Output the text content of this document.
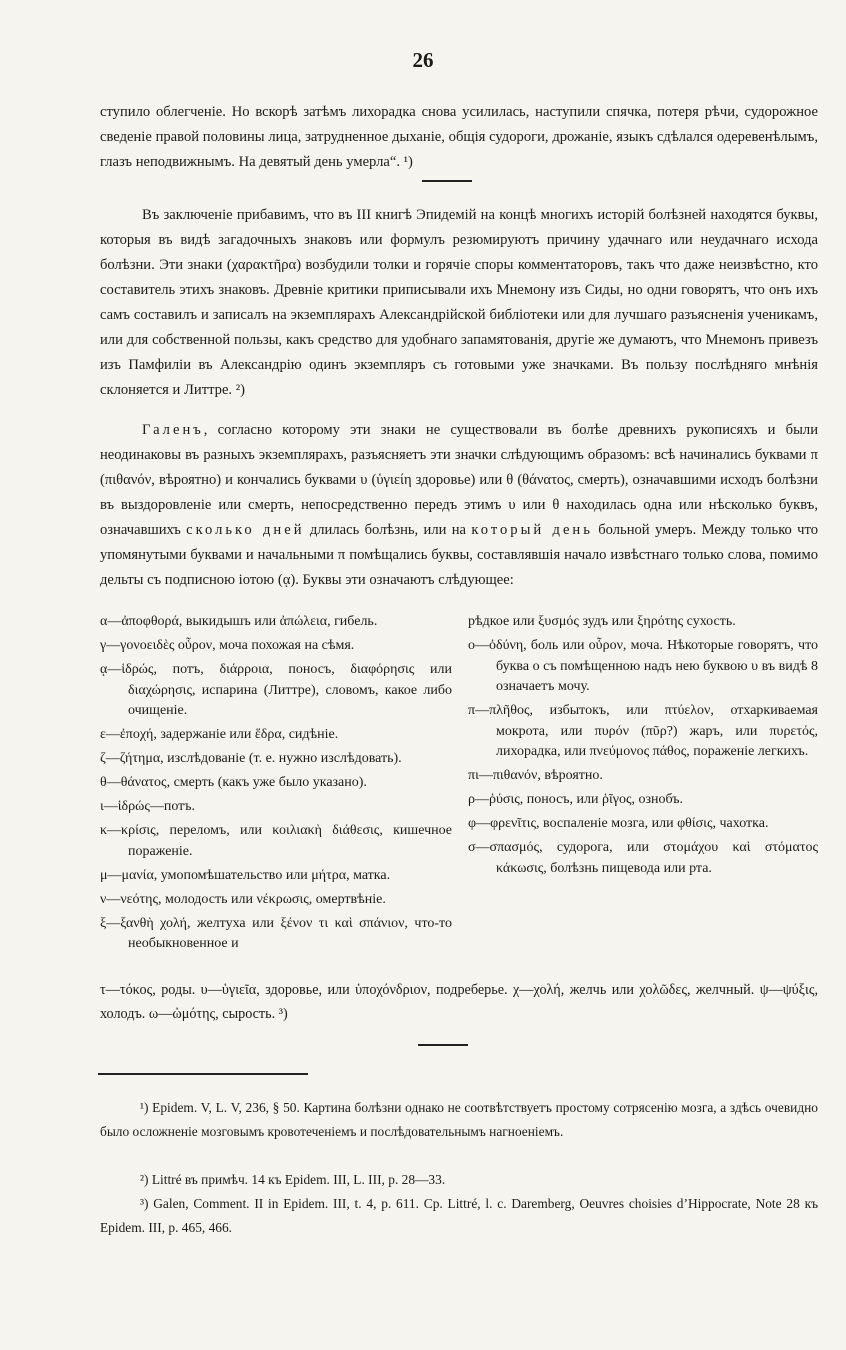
26

ступило облегченіе. Но вскорѣ затѣмъ лихорадка снова усилилась, наступили спячка, потеря рѣчи, судорожное сведеніе правой половины лица, затрудненное дыханіе, общія судороги, дрожаніе, языкъ сдѣлался одеревенѣлымъ, глазъ неподвижнымъ. На девятый день умерла“. ¹)

Въ заключеніе прибавимъ, что въ III книгѣ Эпидемій на концѣ многихъ исторій болѣзней находятся буквы, которыя въ видѣ загадочныхъ знаковъ или формулъ резюмируютъ причину удачнаго или неудачнаго исхода болѣзни. Эти знаки (χαρακτῆρα) возбудили толки и горячіе споры комментаторовъ, такъ что даже неизвѣстно, кто составитель этихъ знаковъ. Древніе критики приписывали ихъ Мнемону изъ Сиды, но одни говорятъ, что онъ ихъ самъ составилъ и записалъ на экземплярахъ Александрійской библіотеки или для лучшаго разъясненія ученикамъ, или для собственной пользы, какъ средство для удобнаго запамятованія, другіе же думаютъ, что Мнемонъ привезъ изъ Памфиліи въ Александрію одинъ экземпляръ съ готовыми уже значками. Въ пользу послѣдняго мнѣнія склоняется и Литтре. ²)

Галенъ, согласно которому эти знаки не существовали въ болѣе древнихъ рукописяхъ и были неодинаковы въ разныхъ экземплярахъ, разъясняетъ эти значки слѣдующимъ образомъ: всѣ начинались буквами π (πιθανόν, вѣроятно) и кончались буквами υ (ὑγιείη здоровье) или θ (θάνατος, смерть), означавшими исходъ болѣзни въ выздоровленіе или смерть, непосредственно передъ этимъ υ или θ находилась одна или нѣсколько буквъ, означавшихъ сколько дней длилась болѣзнь, или на который день больной умеръ. Между только что упомянутыми буквами и начальными π помѣщались буквы, составлявшія начало извѣстнаго только слова, помимо дельты съ подписною іотою (ᾳ). Буквы эти означаютъ слѣдующее:

α—ἀποφθορά, выкидышъ или ἀπώλεια, гибель.
γ—γονοειδὲς οὖρον, моча похожая на сѣмя.
ᾳ—ἱδρώς, потъ, διάρροια, поносъ, διαφόρησις или διαχώρησις, испарина (Литтре), словомъ, какое либо очищеніе.
ε—ἐποχή, задержаніе или ἕδρα, сидѣніе.
ζ—ζήτημα, изслѣдованіе (т. е. нужно изслѣдовать).
θ—θάνατος, смерть (какъ уже было указано).
ι—ἱδρώς—потъ.
κ—κρίσις, переломъ, или κοιλιακὴ διάθεσις, кишечное пораженіе.
μ—μανία, умопомѣшательство или μήτρα, матка.
ν—νεότης, молодость или νέκρωσις, омертвѣніе.
ξ—ξανθὴ χολή, желтуха или ξένον τι καὶ σπάνιον, что-то необыкновенное и
рѣдкое или ξυσμός зудъ или ξηρότης сухость.
ο—ὀδύνη, боль или οὖρον, моча. Нѣкоторые говорятъ, что буква ο съ помѣщенною надъ нею буквою υ въ видѣ 8 означаетъ мочу.
π—πλῆθος, избытокъ, или πτύελον, отхаркиваемая мокрота, или πυρόν (πῦρ?) жаръ, или πυρετός, лихорадка, или πνεύμονος πάθος, пораженіе легкихъ.
πι—πιθανόν, вѣроятно.
ρ—ῥύσις, поносъ, или ῥῖγος, ознобъ.
φ—φρενῖτις, воспаленіе мозга, или φθίσις, чахотка.
σ—σπασμός, судорога, или στομάχου καὶ στόματος κάκωσις, болѣзнь пищевода или рта.

τ—τόκος, роды. υ—ὑγιεῖα, здоровье, или ὑποχόνδριον, подреберье. χ—χολή, желчь или χολῶδες, желчный. ψ—ψύξις, холодъ. ω—ὠμότης, сырость. ³)

¹) Epidem. V, L. V, 236, § 50. Картина болѣзни однако не соотвѣтствуетъ простому сотрясенію мозга, а здѣсь очевидно было осложненіе мозговымъ кровотеченіемъ и послѣдовательнымъ нагноеніемъ.

²) Littré въ примѣч. 14 къ Epidem. III, L. III, p. 28—33.

³) Galen, Comment. II in Epidem. III, t. 4, p. 611. Cp. Littré, l. c. Daremberg, Oeuvres choisies d’Hippocrate, Note 28 къ Epidem. III, p. 465, 466.
